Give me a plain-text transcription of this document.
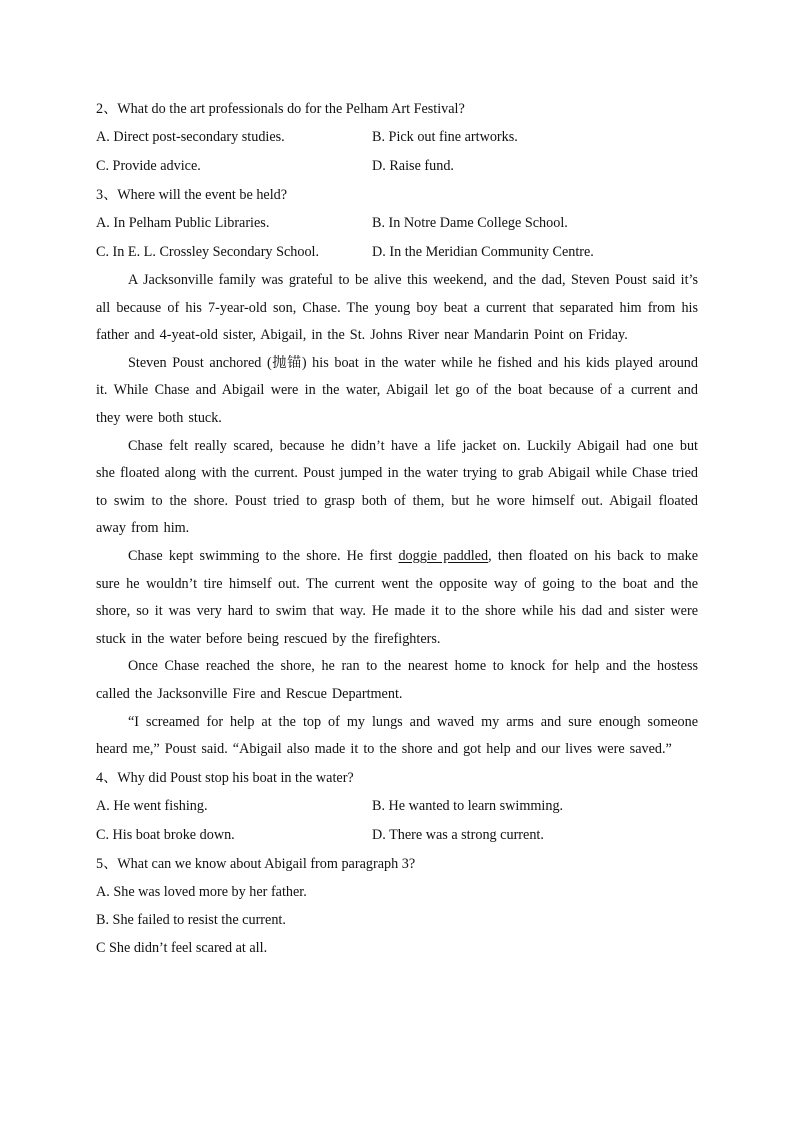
2、What do the art professionals do for the Pelham Art Festival?
A. Direct post-secondary studies.	B. Pick out fine artworks.
C. Provide advice.	D. Raise fund.
3、Where will the event be held?
A. In Pelham Public Libraries.	B. In Notre Dame College School.
C. In E. L. Crossley Secondary School.	D. In the Meridian Community Centre.

A Jacksonville family was grateful to be alive this weekend, and the dad, Steven Poust said it’s all because of his 7-year-old son, Chase. The young boy beat a current that separated him from his father and 4-yeat-old sister, Abigail, in the St. Johns River near Mandarin Point on Friday.

Steven Poust anchored (抛锚) his boat in the water while he fished and his kids played around it. While Chase and Abigail were in the water, Abigail let go of the boat because of a current and they were both stuck.

Chase felt really scared, because he didn’t have a life jacket on. Luckily Abigail had one but she floated along with the current. Poust jumped in the water trying to grab Abigail while Chase tried to swim to the shore. Poust tried to grasp both of them, but he wore himself out. Abigail floated away from him.

Chase kept swimming to the shore. He first doggie paddled, then floated on his back to make sure he wouldn’t tire himself out. The current went the opposite way of going to the boat and the shore, so it was very hard to swim that way. He made it to the shore while his dad and sister were stuck in the water before being rescued by the firefighters.

Once Chase reached the shore, he ran to the nearest home to knock for help and the hostess called the Jacksonville Fire and Rescue Department.

“I screamed for help at the top of my lungs and waved my arms and sure enough someone heard me,” Poust said. “Abigail also made it to the shore and got help and our lives were saved.”

4、Why did Poust stop his boat in the water?
A. He went fishing.	B. He wanted to learn swimming.
C. His boat broke down.	D. There was a strong current.
5、What can we know about Abigail from paragraph 3?
A. She was loved more by her father.
B. She failed to resist the current.
C She didn’t feel scared at all.
